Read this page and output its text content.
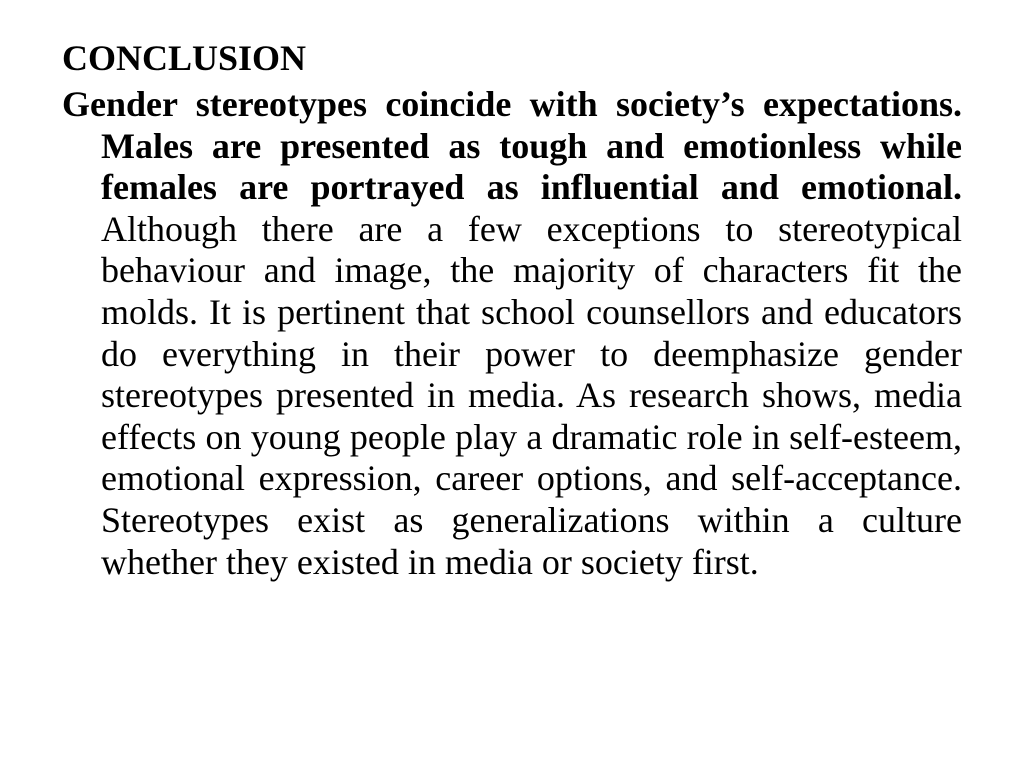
CONCLUSION

Gender stereotypes coincide with society’s expectations. Males are presented as tough and emotionless while females are portrayed as influential and emotional. Although there are a few exceptions to stereotypical behaviour and image, the majority of characters fit the molds. It is pertinent that school counsellors and educators do everything in their power to deemphasize gender stereotypes presented in media. As research shows, media effects on young people play a dramatic role in self-esteem, emotional expression, career options, and self-acceptance. Stereotypes exist as generalizations within a culture whether they existed in media or society first.
